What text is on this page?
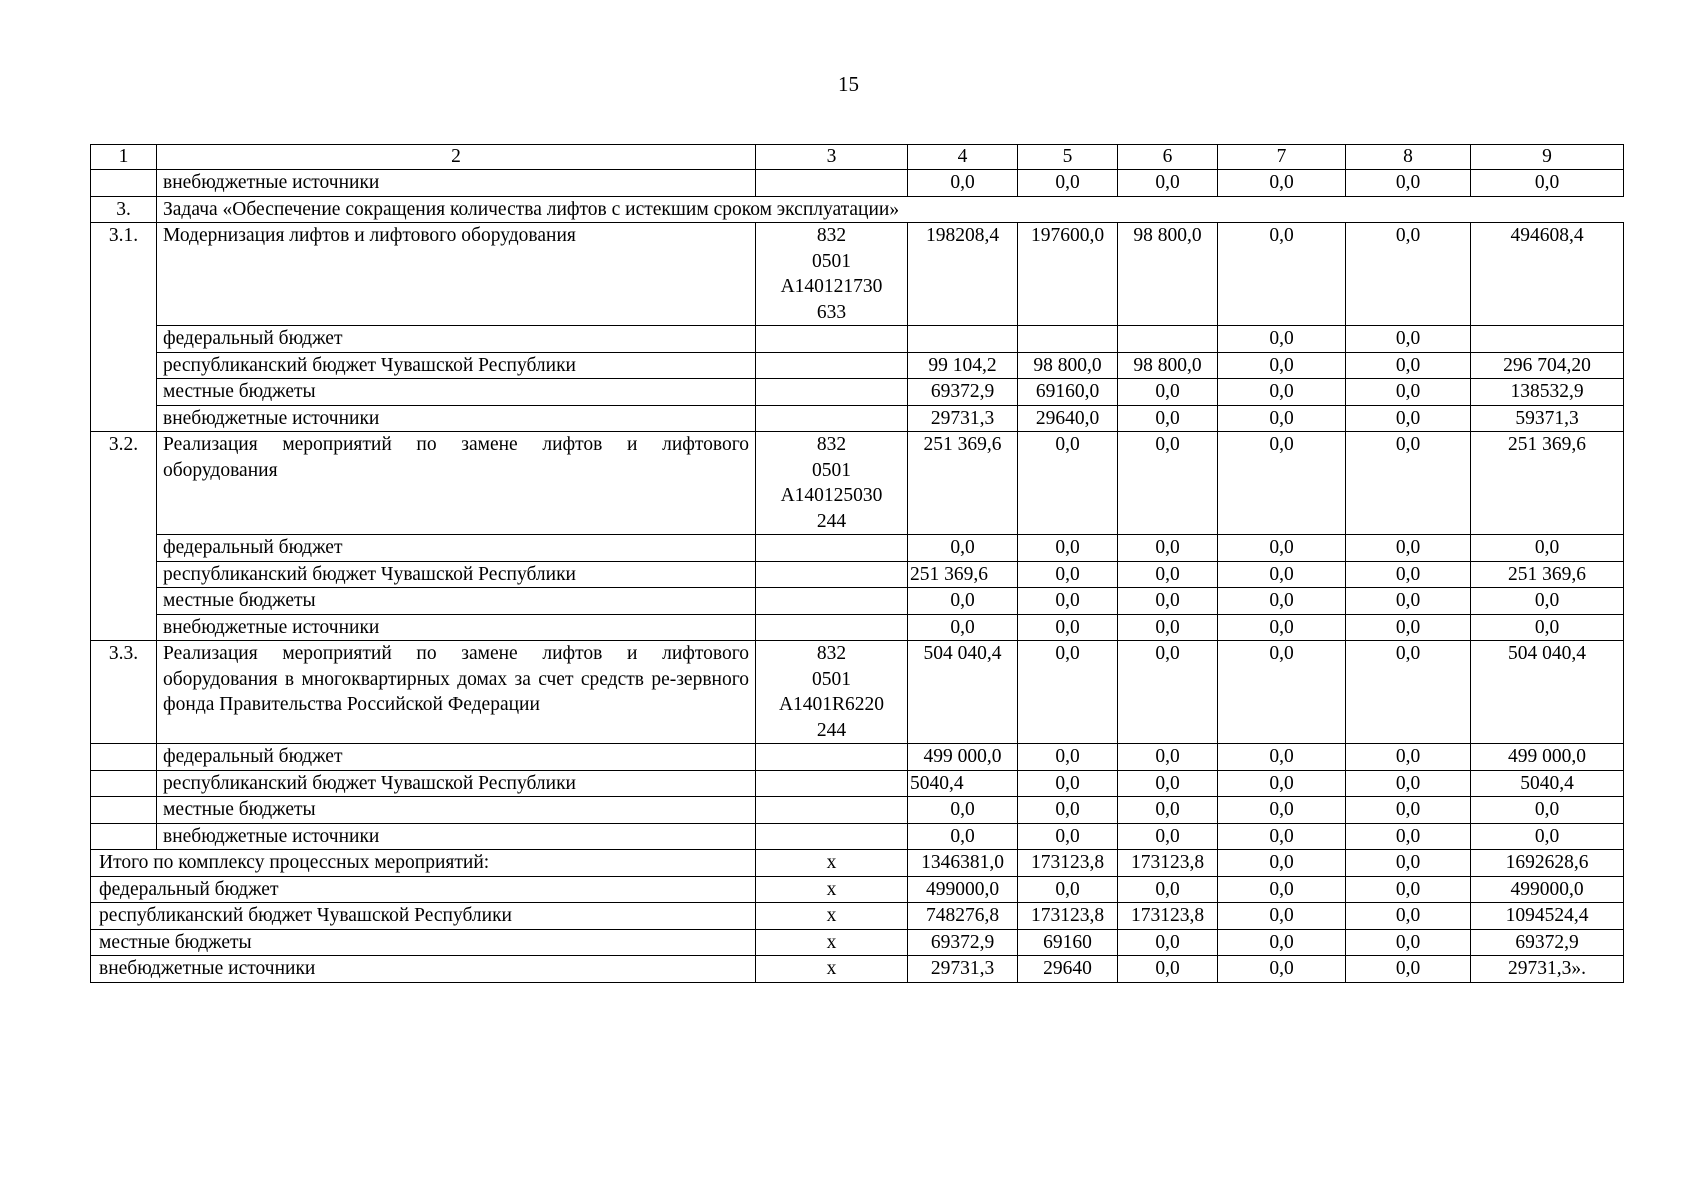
15
1	2	3	4	5	6	7	8	9
	внебюджетные источники		0,0	0,0	0,0	0,0	0,0	0,0
3.	Задача «Обеспечение сокращения количества лифтов с истекшим сроком эксплуатации»							
3.1.	Модернизация лифтов и лифтового оборудования	832
0501
А140121730
633	198208,4	197600,0	98 800,0	0,0	0,0	494608,4
	федеральный бюджет					0,0	0,0	
	республиканский бюджет Чувашской Республики		99 104,2	98 800,0	98 800,0	0,0	0,0	296 704,20
	местные бюджеты		69372,9	69160,0	0,0	0,0	0,0	138532,9
	внебюджетные источники		29731,3	29640,0	0,0	0,0	0,0	59371,3
3.2.	Реализация мероприятий по замене лифтов и лифтового оборудования	832
0501
А140125030
244	251 369,6	0,0	0,0	0,0	0,0	251 369,6
	федеральный бюджет		0,0	0,0	0,0	0,0	0,0	0,0
	республиканский бюджет Чувашской Республики		251 369,6	0,0	0,0	0,0	0,0	251 369,6
	местные бюджеты		0,0	0,0	0,0	0,0	0,0	0,0
	внебюджетные источники		0,0	0,0	0,0	0,0	0,0	0,0
3.3.	Реализация мероприятий по замене лифтов и лифтового оборудования в многоквартирных домах за счет средств ре-зервного фонда Правительства Российской Федерации	832
0501
А1401R6220
244	504 040,4	0,0	0,0	0,0	0,0	504 040,4
	федеральный бюджет		499 000,0	0,0	0,0	0,0	0,0	499 000,0
	республиканский бюджет Чувашской Республики		5040,4	0,0	0,0	0,0	0,0	5040,4
	местные бюджеты		0,0	0,0	0,0	0,0	0,0	0,0
	внебюджетные источники		0,0	0,0	0,0	0,0	0,0	0,0
Итого по комплексу процессных мероприятий:		х	1346381,0	173123,8	173123,8	0,0	0,0	1692628,6
федеральный бюджет		х	499000,0	0,0	0,0	0,0	0,0	499000,0
республиканский бюджет Чувашской Республики		х	748276,8	173123,8	173123,8	0,0	0,0	1094524,4
местные бюджеты		х	69372,9	69160	0,0	0,0	0,0	69372,9
внебюджетные источники		х	29731,3	29640	0,0	0,0	0,0	29731,3».
